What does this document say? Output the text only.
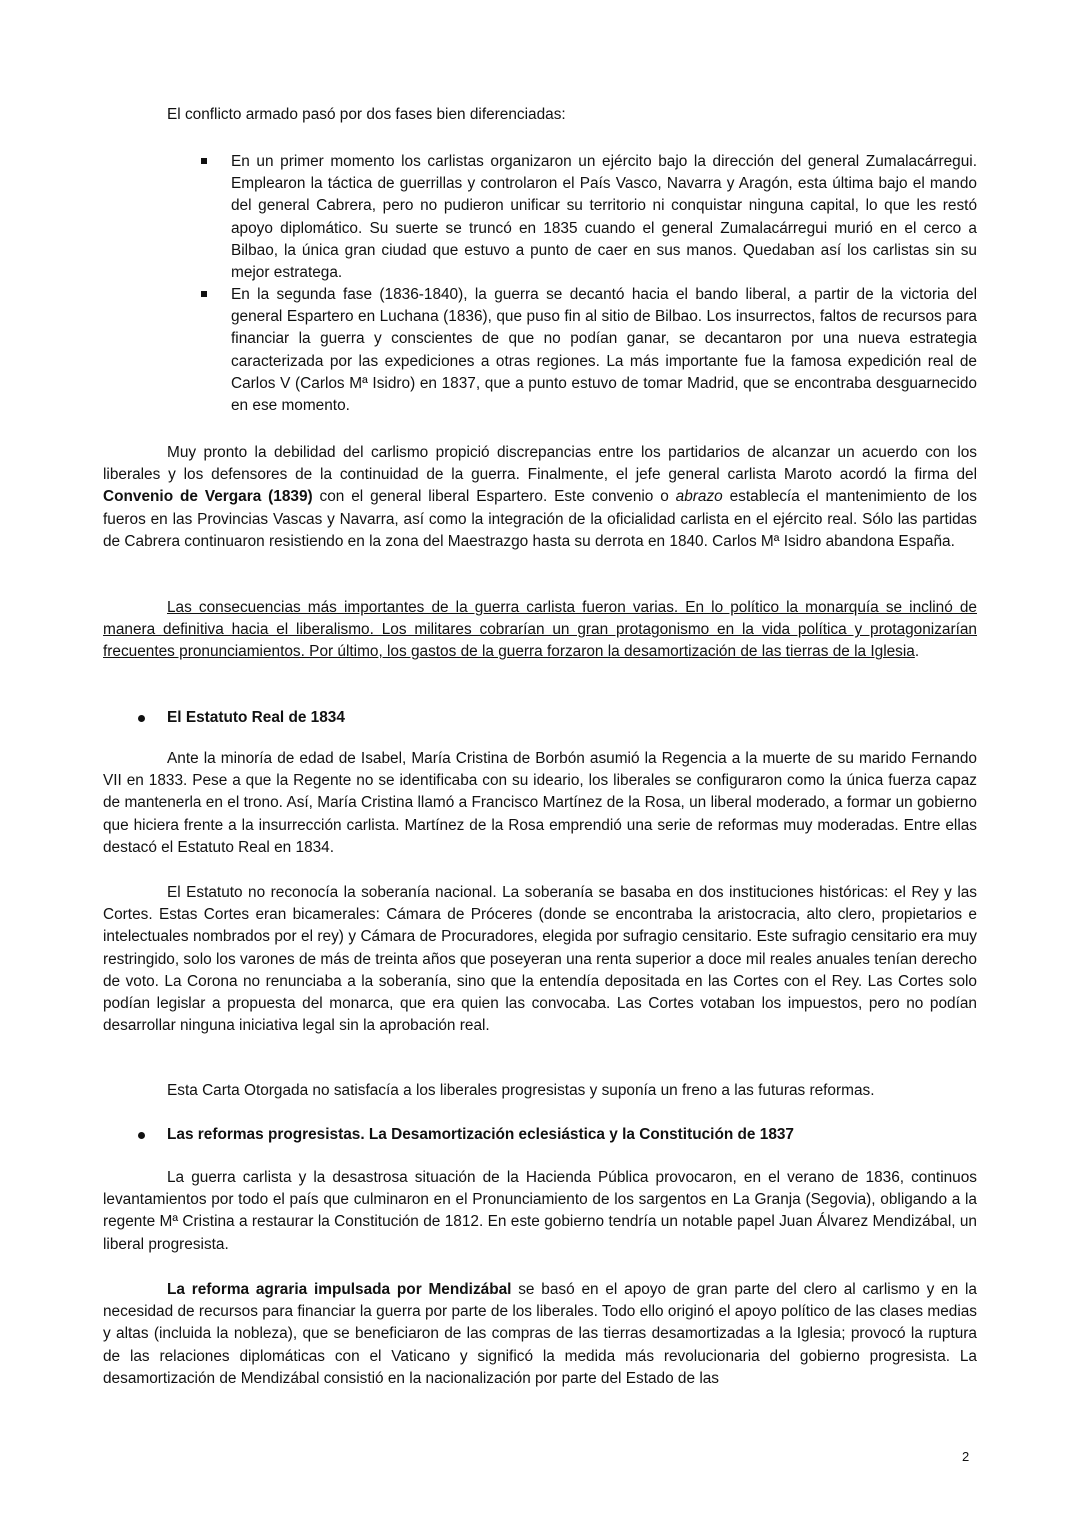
El conflicto armado pasó por dos fases bien diferenciadas:

En un primer momento los carlistas organizaron un ejército bajo la dirección del general Zumalacárregui. Emplearon la táctica de guerrillas y controlaron el País Vasco, Navarra y Aragón, esta última bajo el mando del general Cabrera, pero no pudieron unificar su territorio ni conquistar ninguna capital, lo que les restó apoyo diplomático. Su suerte se truncó en 1835 cuando el general Zumalacárregui murió en el cerco a Bilbao, la única gran ciudad que estuvo a punto de caer en sus manos. Quedaban así los carlistas sin su mejor estratega.

En la segunda fase (1836-1840), la guerra se decantó hacia el bando liberal, a partir de la victoria del general Espartero en Luchana (1836), que puso fin al sitio de Bilbao. Los insurrectos, faltos de recursos para financiar la guerra y conscientes de que no podían ganar, se decantaron por una nueva estrategia caracterizada por las expediciones a otras regiones. La más importante fue la famosa expedición real de Carlos V (Carlos Mª Isidro) en 1837, que a punto estuvo de tomar Madrid, que se encontraba desguarnecido en ese momento.

Muy pronto la debilidad del carlismo propició discrepancias entre los partidarios de alcanzar un acuerdo con los liberales y los defensores de la continuidad de la guerra. Finalmente, el jefe general carlista Maroto acordó la firma del Convenio de Vergara (1839) con el general liberal Espartero. Este convenio o abrazo establecía el mantenimiento de los fueros en las Provincias Vascas y Navarra, así como la integración de la oficialidad carlista en el ejército real. Sólo las partidas de Cabrera continuaron resistiendo en la zona del Maestrazgo hasta su derrota en 1840. Carlos Mª Isidro abandona España.

Las consecuencias más importantes de la guerra carlista fueron varias. En lo político la monarquía se inclinó de manera definitiva hacia el liberalismo. Los militares cobrarían un gran protagonismo en la vida política y protagonizarían frecuentes pronunciamientos. Por último, los gastos de la guerra forzaron la desamortización de las tierras de la Iglesia.

El Estatuto Real de 1834

Ante la minoría de edad de Isabel, María Cristina de Borbón asumió la Regencia a la muerte de su marido Fernando VII en 1833. Pese a que la Regente no se identificaba con su ideario, los liberales se configuraron como la única fuerza capaz de mantenerla en el trono. Así, María Cristina llamó a Francisco Martínez de la Rosa, un liberal moderado, a formar un gobierno que hiciera frente a la insurrección carlista. Martínez de la Rosa emprendió una serie de reformas muy moderadas. Entre ellas destacó el Estatuto Real en 1834.

El Estatuto no reconocía la soberanía nacional. La soberanía se basaba en dos instituciones históricas: el Rey y las Cortes. Estas Cortes eran bicamerales: Cámara de Próceres (donde se encontraba la aristocracia, alto clero, propietarios e intelectuales nombrados por el rey) y Cámara de Procuradores, elegida por sufragio censitario. Este sufragio censitario era muy restringido, solo los varones de más de treinta años que poseyeran una renta superior a doce mil reales anuales tenían derecho de voto. La Corona no renunciaba a la soberanía, sino que la entendía depositada en las Cortes con el Rey. Las Cortes solo podían legislar a propuesta del monarca, que era quien las convocaba. Las Cortes votaban los impuestos, pero no podían desarrollar ninguna iniciativa legal sin la aprobación real.

Esta Carta Otorgada no satisfacía a los liberales progresistas y suponía un freno a las futuras reformas.

Las reformas progresistas. La Desamortización eclesiástica y la Constitución de 1837

La guerra carlista y la desastrosa situación de la Hacienda Pública provocaron, en el verano de 1836, continuos levantamientos por todo el país que culminaron en el Pronunciamiento de los sargentos en La Granja (Segovia), obligando a la regente Mª Cristina a restaurar la Constitución de 1812. En este gobierno tendría un notable papel Juan Álvarez Mendizábal, un liberal progresista.

La reforma agraria impulsada por Mendizábal se basó en el apoyo de gran parte del clero al carlismo y en la necesidad de recursos para financiar la guerra por parte de los liberales. Todo ello originó el apoyo político de las clases medias y altas (incluida la nobleza), que se beneficiaron de las compras de las tierras desamortizadas a la Iglesia; provocó la ruptura de las relaciones diplomáticas con el Vaticano y significó la medida más revolucionaria del gobierno progresista. La desamortización de Mendizábal consistió en la nacionalización por parte del Estado de las

2
